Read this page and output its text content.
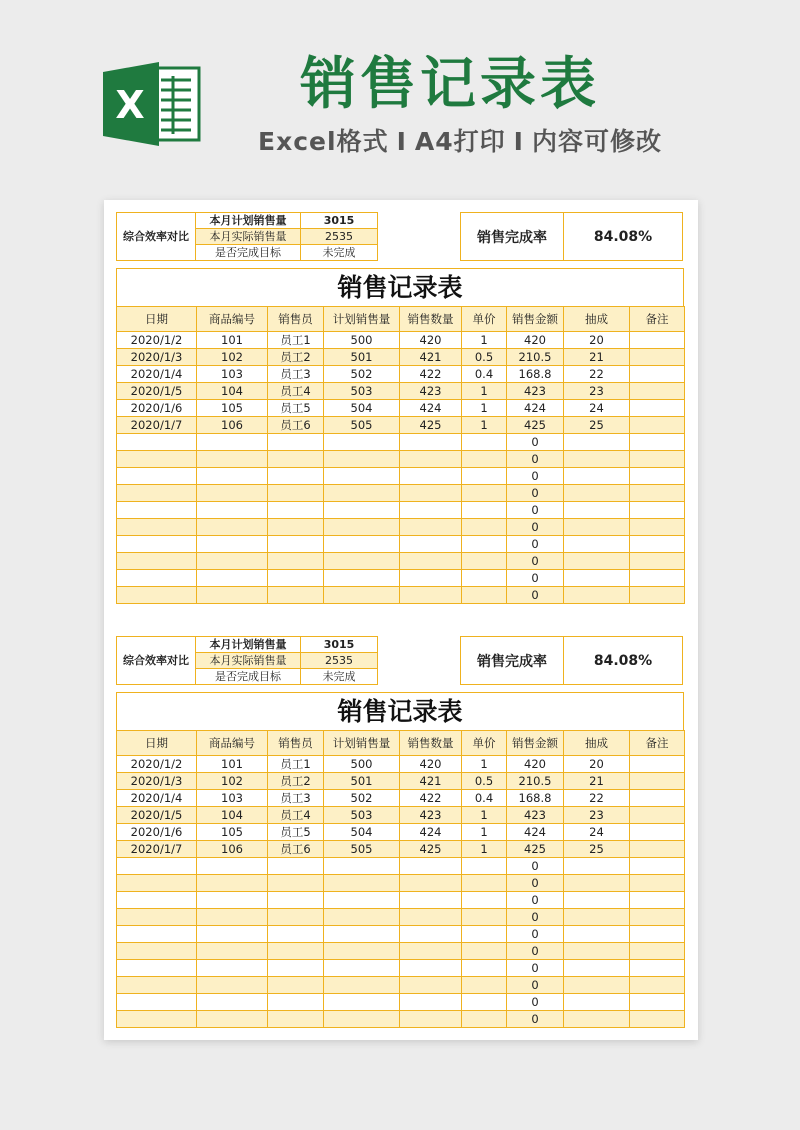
X	销售记录表
Excel格式 I A4打印 I 内容可修改
综合效率对比	本月计划销售量	3015
	本月实际销售量	2535
	是否完成目标	未完成
销售完成率	84.08%
销售记录表
日期	商品编号	销售员	计划销售量	销售数量	单价	销售金额	抽成	备注
2020/1/2	101	员工1	500	420	1	420	20	
2020/1/3	102	员工2	501	421	0.5	210.5	21	
2020/1/4	103	员工3	502	422	0.4	168.8	22	
2020/1/5	104	员工4	503	423	1	423	23	
2020/1/6	105	员工5	504	424	1	424	24	
2020/1/7	106	员工6	505	425	1	425	25	
						0		
						0		
						0		
						0		
						0		
						0		
						0		
						0		
						0		
						0		
综合效率对比	本月计划销售量	3015
	本月实际销售量	2535
	是否完成目标	未完成
销售完成率	84.08%
销售记录表
日期	商品编号	销售员	计划销售量	销售数量	单价	销售金额	抽成	备注
2020/1/2	101	员工1	500	420	1	420	20	
2020/1/3	102	员工2	501	421	0.5	210.5	21	
2020/1/4	103	员工3	502	422	0.4	168.8	22	
2020/1/5	104	员工4	503	423	1	423	23	
2020/1/6	105	员工5	504	424	1	424	24	
2020/1/7	106	员工6	505	425	1	425	25	
						0		
						0		
						0		
						0		
						0		
						0		
						0		
						0		
						0		
						0		
